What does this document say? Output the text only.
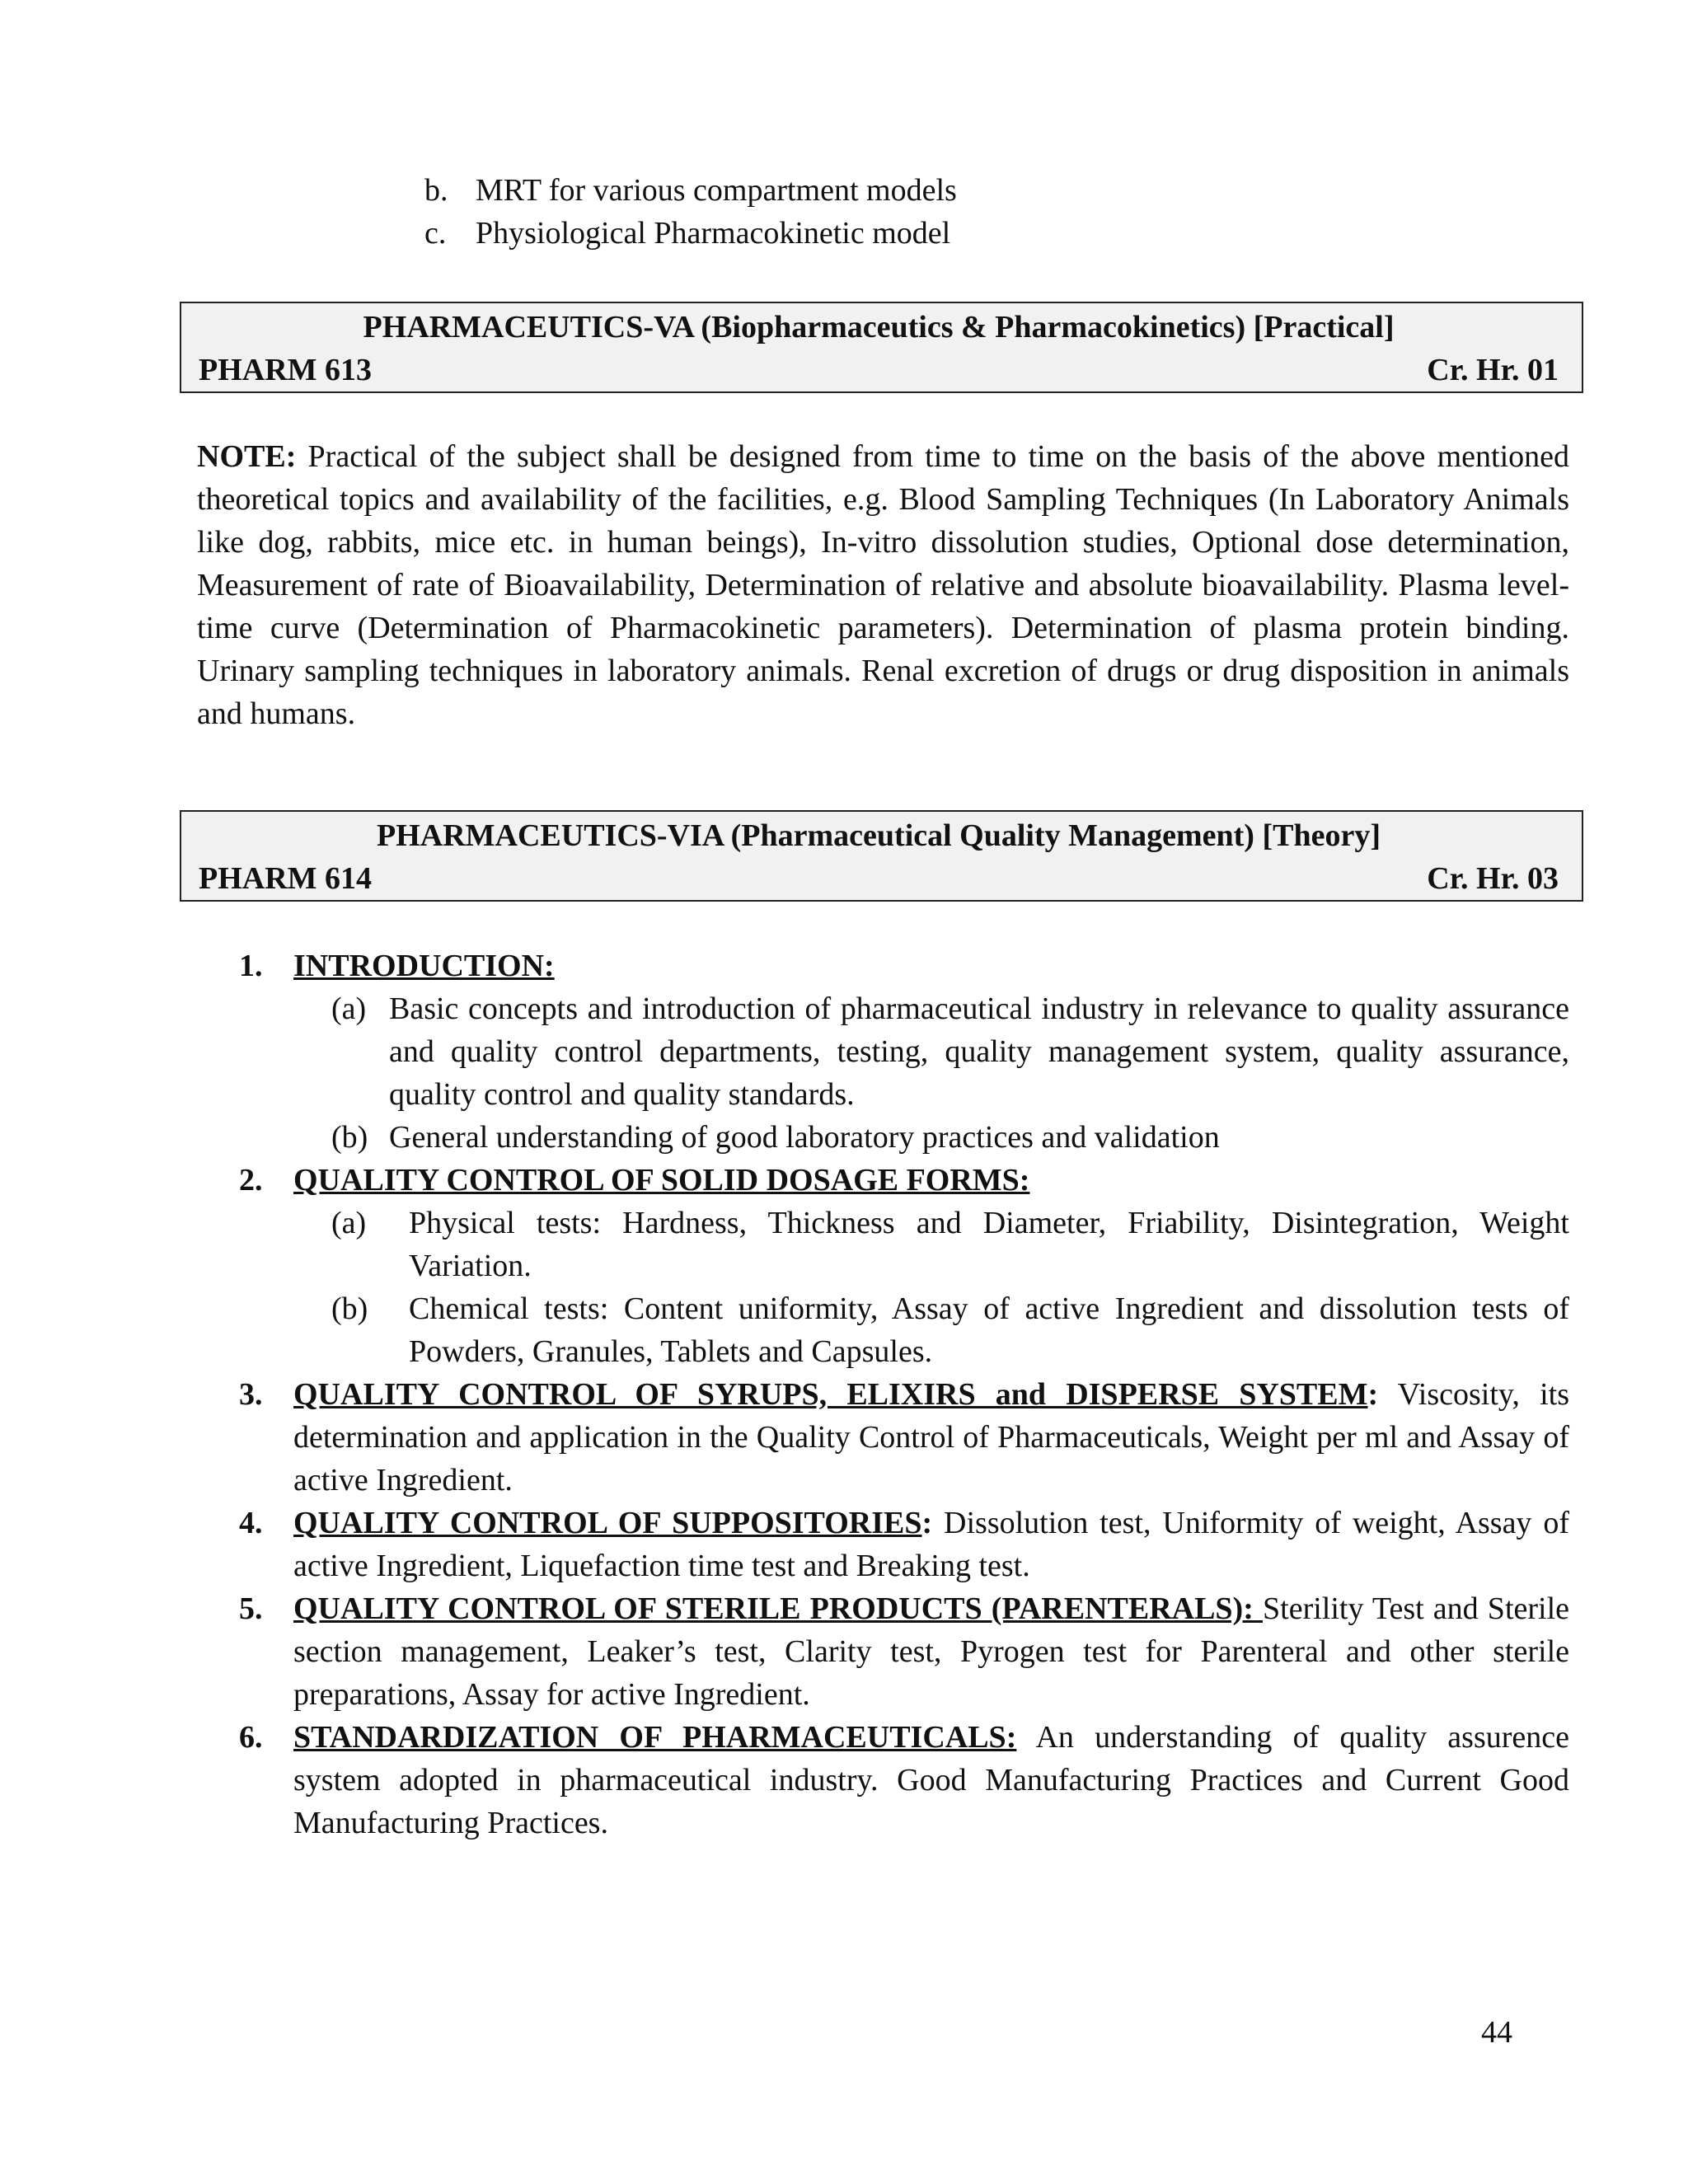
b. MRT for various compartment models
c. Physiological Pharmacokinetic model
PHARMACEUTICS-VA (Biopharmaceutics & Pharmacokinetics) [Practical]
PHARM 613	Cr. Hr. 01
NOTE: Practical of the subject shall be designed from time to time on the basis of the above mentioned theoretical topics and availability of the facilities, e.g. Blood Sampling Techniques (In Laboratory Animals like dog, rabbits, mice etc. in human beings), In-vitro dissolution studies, Optional dose determination, Measurement of rate of Bioavailability, Determination of relative and absolute bioavailability. Plasma level-time curve (Determination of Pharmacokinetic parameters). Determination of plasma protein binding. Urinary sampling techniques in laboratory animals. Renal excretion of drugs or drug disposition in animals and humans.
PHARMACEUTICS-VIA (Pharmaceutical Quality Management) [Theory]
PHARM 614	Cr. Hr. 03
1. INTRODUCTION:
(a) Basic concepts and introduction of pharmaceutical industry in relevance to quality assurance and quality control departments, testing, quality management system, quality assurance, quality control and quality standards.
(b) General understanding of good laboratory practices and validation
2. QUALITY CONTROL OF SOLID DOSAGE FORMS:
(a)	Physical tests: Hardness, Thickness and Diameter, Friability, Disintegration, Weight Variation.
(b)	Chemical tests: Content uniformity, Assay of active Ingredient and dissolution tests of Powders, Granules, Tablets and Capsules.
3. QUALITY CONTROL OF SYRUPS, ELIXIRS and DISPERSE SYSTEM: Viscosity, its determination and application in the Quality Control of Pharmaceuticals, Weight per ml and Assay of active Ingredient.
4. QUALITY CONTROL OF SUPPOSITORIES: Dissolution test, Uniformity of weight, Assay of active Ingredient, Liquefaction time test and Breaking test.
5. QUALITY CONTROL OF STERILE PRODUCTS (PARENTERALS): Sterility Test and Sterile section management, Leaker’s test, Clarity test, Pyrogen test for Parenteral and other sterile preparations, Assay for active Ingredient.
6. STANDARDIZATION OF PHARMACEUTICALS: An understanding of quality assurence system adopted in pharmaceutical industry. Good Manufacturing Practices and Current Good Manufacturing Practices.
44
